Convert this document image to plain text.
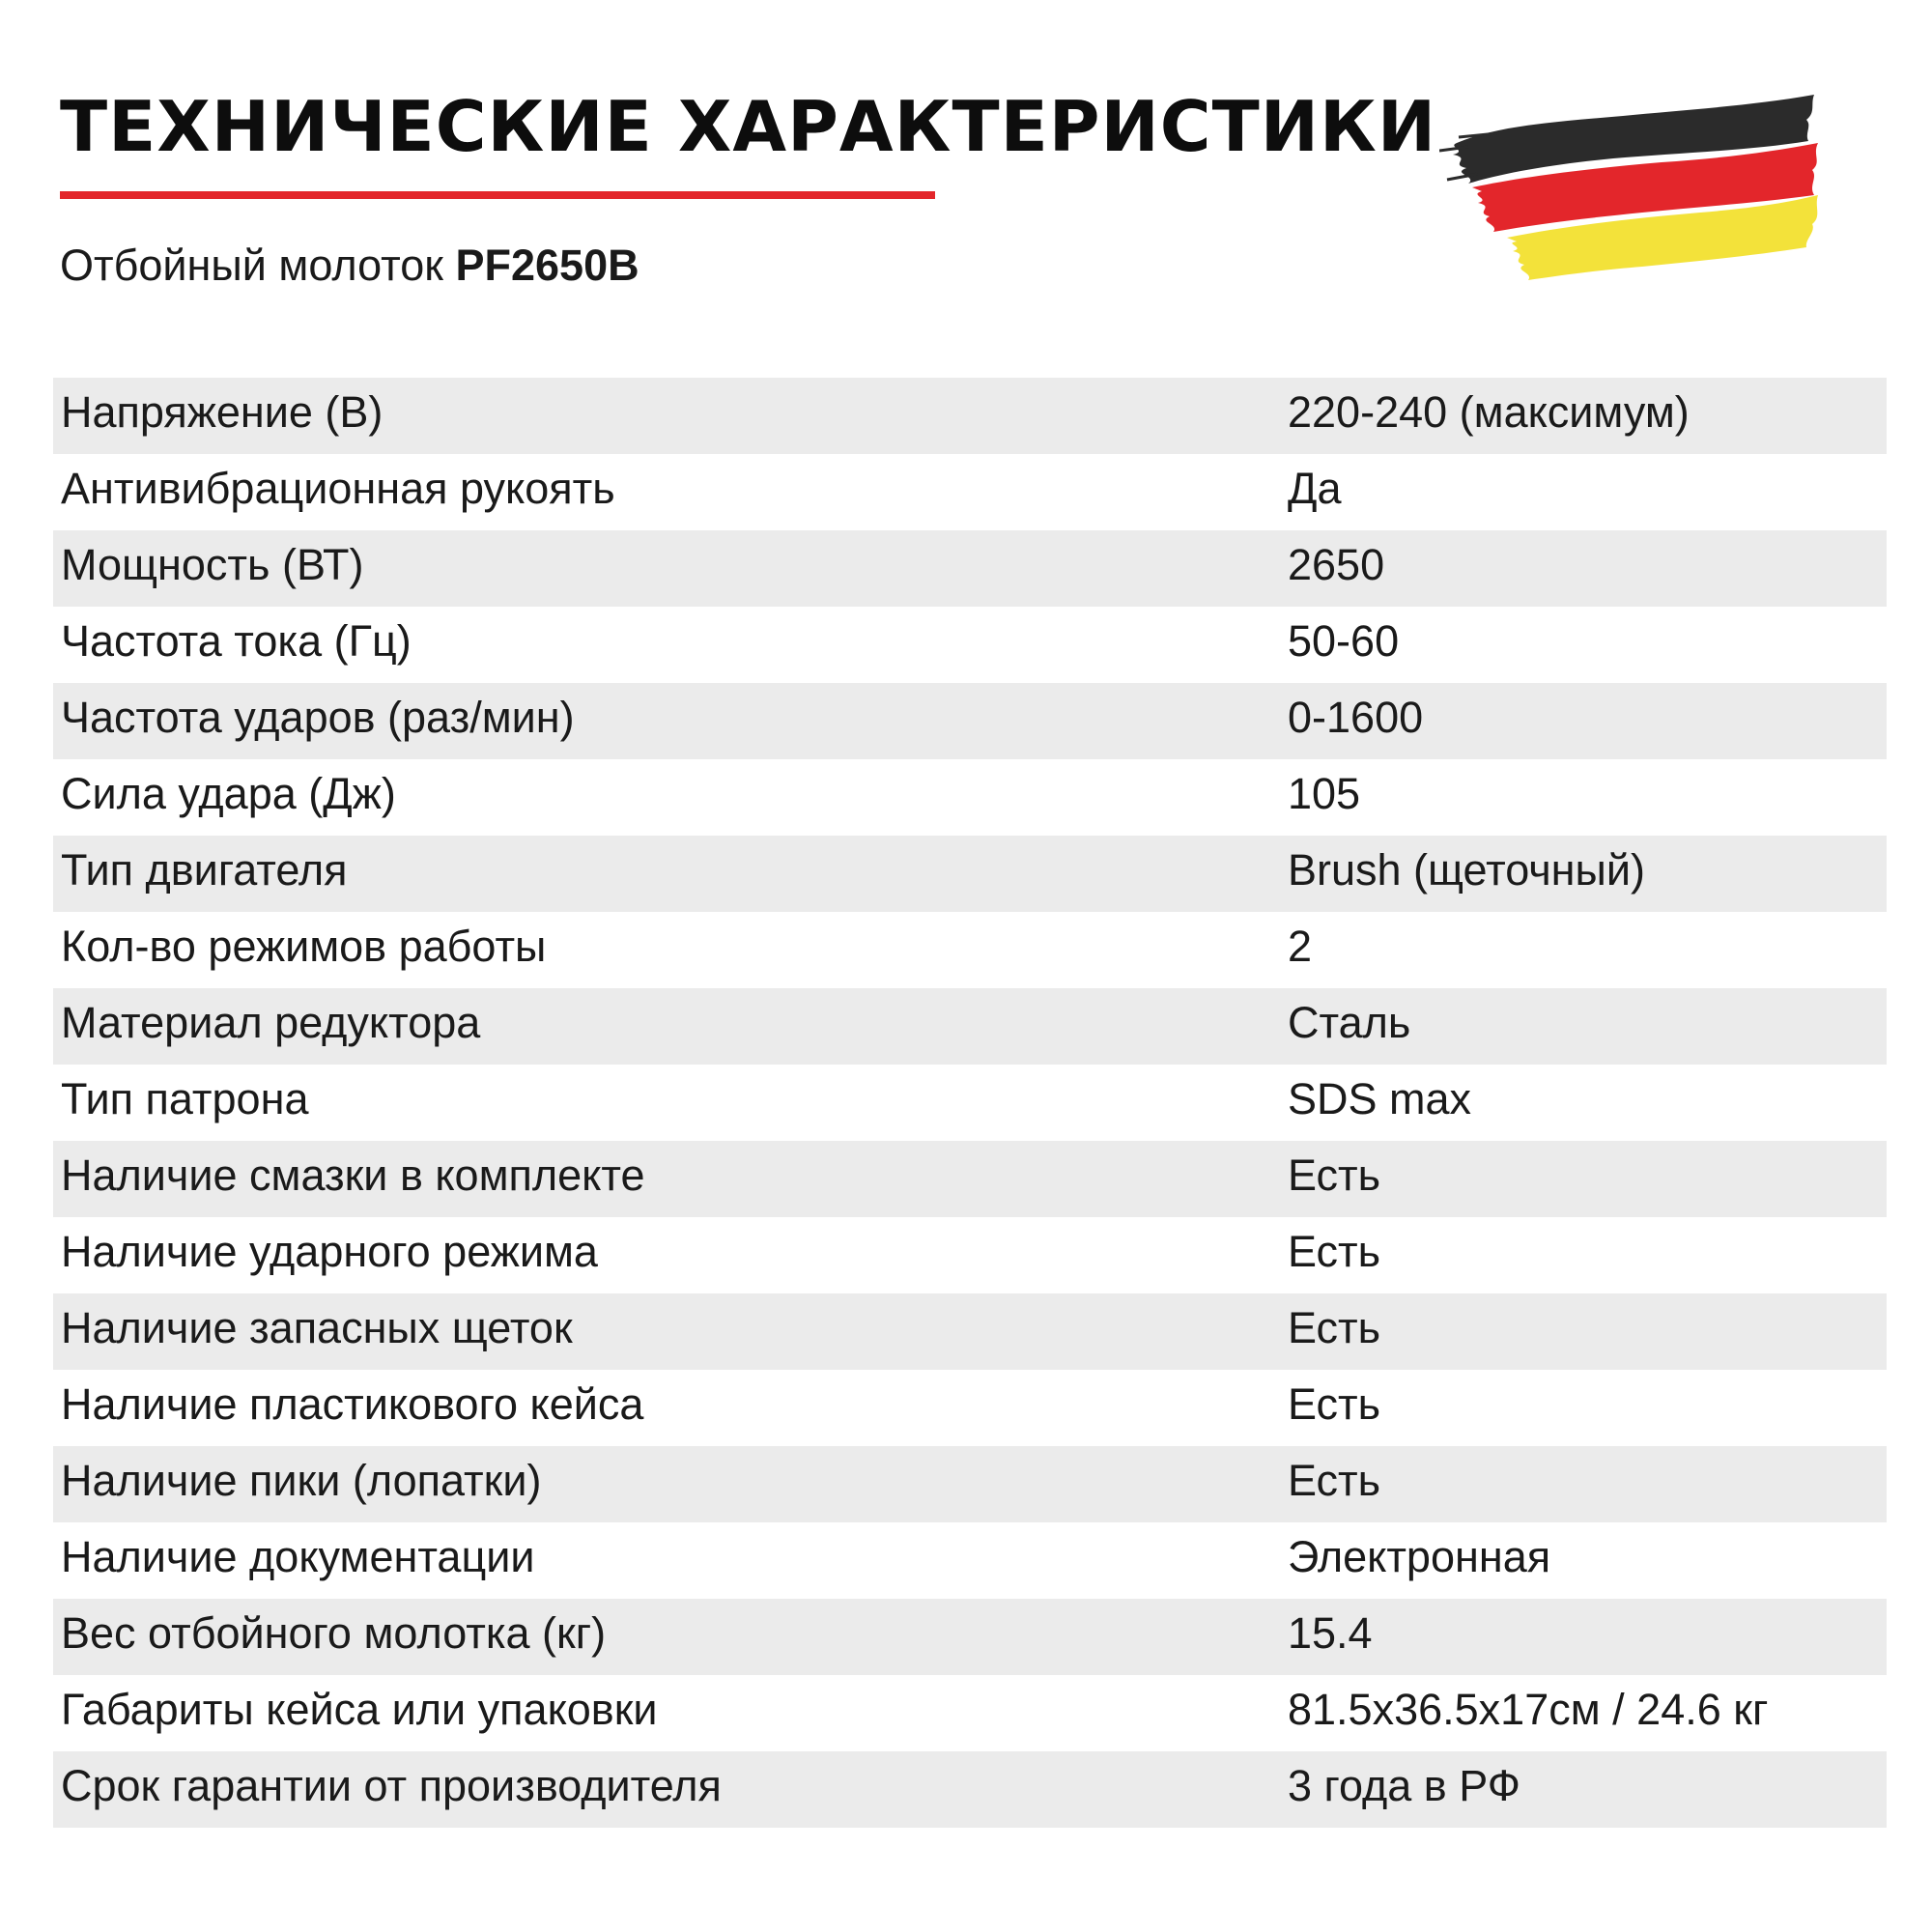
ТЕХНИЧЕСКИЕ ХАРАКТЕРИСТИКИ

Отбойный молоток PF2650B

Напряжение (В)	220-240 (максимум)
Антивибрационная рукоять	Да
Мощность (ВТ)	2650
Частота тока (Гц)	50-60
Частота ударов (раз/мин)	0-1600
Сила удара (Дж)	105
Тип двигателя	Brush (щеточный)
Кол-во режимов работы	2
Материал редуктора	Сталь
Тип патрона	SDS max
Наличие смазки в комплекте	Есть
Наличие ударного режима	Есть
Наличие запасных щеток	Есть
Наличие пластикового кейса	Есть
Наличие пики (лопатки)	Есть
Наличие документации	Электронная
Вес отбойного молотка (кг)	15.4
Габариты кейса или упаковки	81.5x36.5x17см / 24.6 кг
Срок гарантии от производителя	3 года в РФ
